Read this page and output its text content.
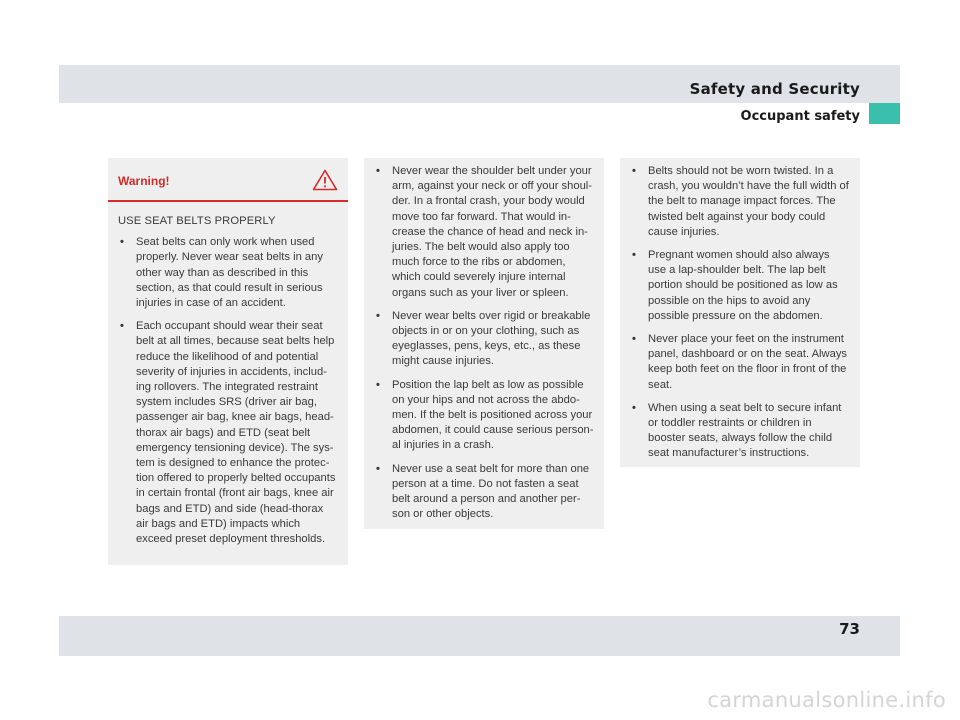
Safety and Security
Occupant safety
Warning!
USE SEAT BELTS PROPERLY
• Seat belts can only work when used properly. Never wear seat belts in any other way than as described in this section, as that could result in serious injuries in case of an accident.
• Each occupant should wear their seat belt at all times, because seat belts help reduce the likelihood of and potential severity of injuries in accidents, includ-ing rollovers. The integrated restraint system includes SRS (driver air bag, passenger air bag, knee air bags, head-thorax air bags) and ETD (seat belt emergency tensioning device). The sys-tem is designed to enhance the protec-tion offered to properly belted occupants in certain frontal (front air bags, knee air bags and ETD) and side (head-thorax air bags and ETD) impacts which exceed preset deployment thresholds.
• Never wear the shoulder belt under your arm, against your neck or off your shoul-der. In a frontal crash, your body would move too far forward. That would in-crease the chance of head and neck in-juries. The belt would also apply too much force to the ribs or abdomen, which could severely injure internal organs such as your liver or spleen.
• Never wear belts over rigid or breakable objects in or on your clothing, such as eyeglasses, pens, keys, etc., as these might cause injuries.
• Position the lap belt as low as possible on your hips and not across the abdo-men. If the belt is positioned across your abdomen, it could cause serious person-al injuries in a crash.
• Never use a seat belt for more than one person at a time. Do not fasten a seat belt around a person and another per-son or other objects.
• Belts should not be worn twisted. In a crash, you wouldn’t have the full width of the belt to manage impact forces. The twisted belt against your body could cause injuries.
• Pregnant women should also always use a lap-shoulder belt. The lap belt portion should be positioned as low as possible on the hips to avoid any possible pressure on the abdomen.
• Never place your feet on the instrument panel, dashboard or on the seat. Always keep both feet on the floor in front of the seat.
• When using a seat belt to secure infant or toddler restraints or children in booster seats, always follow the child seat manufacturer’s instructions.
73
carmanualsonline.info
